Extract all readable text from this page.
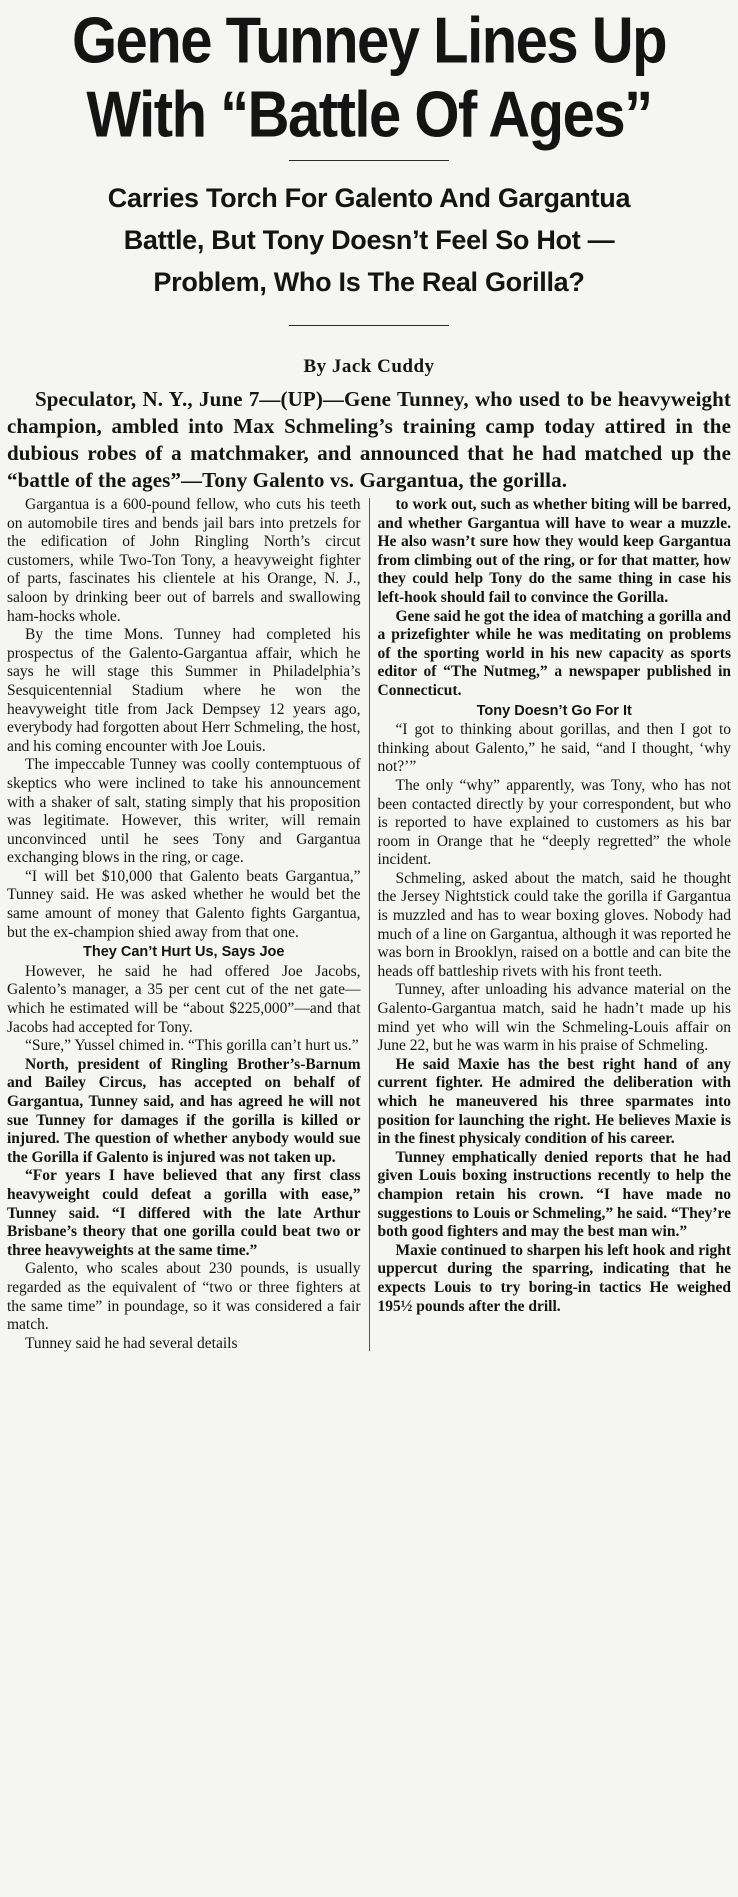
Gene Tunney Lines Up
With “Battle Of Ages”
Carries Torch For Galento And Gargantua
Battle, But Tony Doesn’t Feel So Hot —
Problem, Who Is The Real Gorilla?
By Jack Cuddy
Speculator, N. Y., June 7—(UP)—Gene Tunney, who used to be heavyweight champion, ambled into Max Schmeling’s training camp today attired in the dubious robes of a matchmaker, and announced that he had matched up the “battle of the ages”—Tony Galento vs. Gargantua, the gorilla.

Gargantua is a 600-pound fellow, who cuts his teeth on automobile tires and bends jail bars into pretzels for the edification of John Ringling North’s circut customers, while Two-Ton Tony, a heavyweight fighter of parts, fascinates his clientele at his Orange, N. J., saloon by drinking beer out of barrels and swallowing ham-hocks whole.

By the time Mons. Tunney had completed his prospectus of the Galento-Gargantua affair, which he says he will stage this Summer in Philadelphia’s Sesquicentennial Stadium where he won the heavyweight title from Jack Dempsey 12 years ago, everybody had forgotten about Herr Schmeling, the host, and his coming encounter with Joe Louis.

The impeccable Tunney was coolly contemptuous of skeptics who were inclined to take his announcement with a shaker of salt, stating simply that his proposition was legitimate. However, this writer, will remain unconvinced until he sees Tony and Gargantua exchanging blows in the ring, or cage.

“I will bet $10,000 that Galento beats Gargantua,” Tunney said. He was asked whether he would bet the same amount of money that Galento fights Gargantua, but the ex-champion shied away from that one.

They Can’t Hurt Us, Says Joe

However, he said he had offered Joe Jacobs, Galento’s manager, a 35 per cent cut of the net gate—which he estimated will be “about $225,000”—and that Jacobs had accepted for Tony.

“Sure,” Yussel chimed in. “This gorilla can’t hurt us.”

North, president of Ringling Brother’s-Barnum and Bailey Circus, has accepted on behalf of Gargantua, Tunney said, and has agreed he will not sue Tunney for damages if the gorilla is killed or injured. The question of whether anybody would sue the Gorilla if Galento is injured was not taken up.

“For years I have believed that any first class heavyweight could defeat a gorilla with ease,” Tunney said. “I differed with the late Arthur Brisbane’s theory that one gorilla could beat two or three heavyweights at the same time.”

Galento, who scales about 230 pounds, is usually regarded as the equivalent of “two or three fighters at the same time” in poundage, so it was considered a fair match.

Tunney said he had several details

to work out, such as whether biting will be barred, and whether Gargantua will have to wear a muzzle. He also wasn’t sure how they would keep Gargantua from climbing out of the ring, or for that matter, how they could help Tony do the same thing in case his left-hook should fail to convince the Gorilla.

Gene said he got the idea of matching a gorilla and a prizefighter while he was meditating on problems of the sporting world in his new capacity as sports editor of “The Nutmeg,” a newspaper published in Connecticut.

Tony Doesn’t Go For It

“I got to thinking about gorillas, and then I got to thinking about Galento,” he said, “and I thought, ‘why not?’”

The only “why” apparently, was Tony, who has not been contacted directly by your correspondent, but who is reported to have explained to customers as his bar room in Orange that he “deeply regretted” the whole incident.

Schmeling, asked about the match, said he thought the Jersey Nightstick could take the gorilla if Gargantua is muzzled and has to wear boxing gloves. Nobody had much of a line on Gargantua, although it was reported he was born in Brooklyn, raised on a bottle and can bite the heads off battleship rivets with his front teeth.

Tunney, after unloading his advance material on the Galento-Gargantua match, said he hadn’t made up his mind yet who will win the Schmeling-Louis affair on June 22, but he was warm in his praise of Schmeling.

He said Maxie has the best right hand of any current fighter. He admired the deliberation with which he maneuvered his three sparmates into position for launching the right. He believes Maxie is in the finest physicaly condition of his career.

Tunney emphatically denied reports that he had given Louis boxing instructions recently to help the champion retain his crown. “I have made no suggestions to Louis or Schmeling,” he said. “They’re both good fighters and may the best man win.”

Maxie continued to sharpen his left hook and right uppercut during the sparring, indicating that he expects Louis to try boring-in tactics He weighed 195½ pounds after the drill.
